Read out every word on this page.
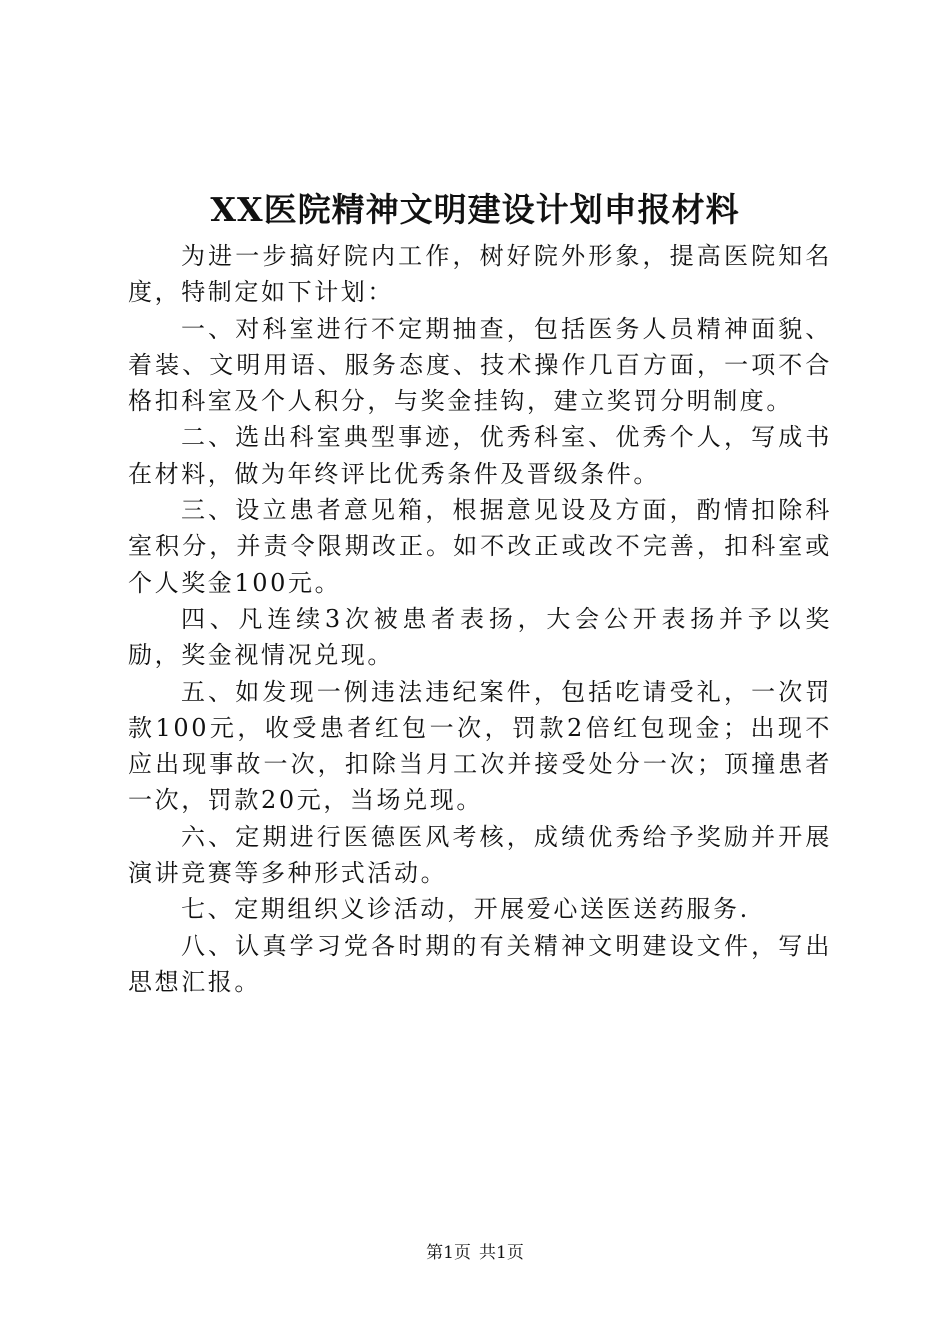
XX医院精神文明建设计划申报材料

为进一步搞好院内工作，树好院外形象，提高医院知名度，特制定如下计划：

一、对科室进行不定期抽查，包括医务人员精神面貌、着装、文明用语、服务态度、技术操作几百方面，一项不合格扣科室及个人积分，与奖金挂钩，建立奖罚分明制度。

二、选出科室典型事迹，优秀科室、优秀个人，写成书在材料，做为年终评比优秀条件及晋级条件。

三、设立患者意见箱，根据意见设及方面，酌情扣除科室积分，并责令限期改正。如不改正或改不完善，扣科室或个人奖金100元。

四、凡连续3次被患者表扬，大会公开表扬并予以奖励，奖金视情况兑现。

五、如发现一例违法违纪案件，包括吃请受礼，一次罚款100元，收受患者红包一次，罚款2倍红包现金；出现不应出现事故一次，扣除当月工次并接受处分一次；顶撞患者一次，罚款20元，当场兑现。

六、定期进行医德医风考核，成绩优秀给予奖励并开展演讲竞赛等多种形式活动。

七、定期组织义诊活动，开展爱心送医送药服务.

八、认真学习党各时期的有关精神文明建设文件，写出思想汇报。

第1页 共1页
